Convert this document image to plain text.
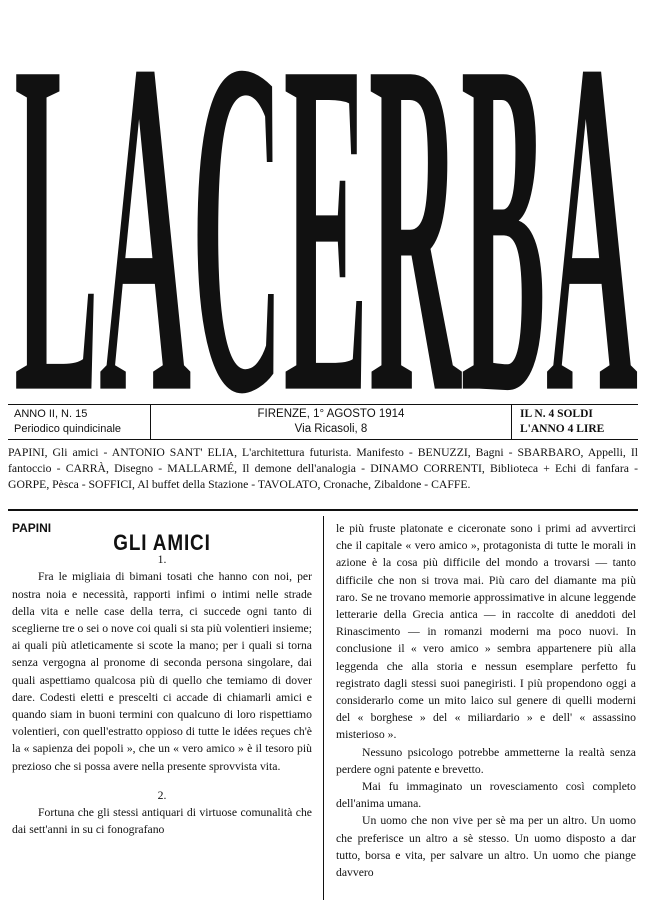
LACERBA
ANNO II, N. 15
Periodico quindicinale
FIRENZE, 1° AGOSTO 1914
Via Ricasoli, 8
IL N. 4 SOLDI
L'ANNO 4 LIRE
PAPINI, Gli amici - ANTONIO SANT' ELIA, L'architettura futurista. Manifesto - BENUZZI, Bagni - SBARBARO, Appelli, Il fantoccio - CARRÀ, Disegno - MALLARMÉ, Il demone dell'analogia - DINAMO CORRENTI, Biblioteca + Echi di fanfara - GORPE, Pèsca - SOFFICI, Al buffet della Stazione - TAVOLATO, Cronache, Zibaldone - CAFFE.

PAPINI

GLI AMICI

1.

Fra le migliaia di bimani tosati che hanno con noi, per nostra noia e necessità, rapporti infimi o intimi nelle strade della vita e nelle case della terra, ci succede ogni tanto di sceglierne tre o sei o nove coi quali si sta più volentieri insieme; ai quali più atleticamente si scote la mano; per i quali si torna senza vergogna al pronome di seconda persona singolare, dai quali aspettiamo qualcosa più di quello che temiamo di dover dare. Codesti eletti e prescelti ci accade di chiamarli amici e quando siam in buoni termini con qualcuno di loro rispettiamo volentieri, con quell'estratto oppioso di tutte le idées reçues ch'è la « sapienza dei popoli », che un « vero amico » è il tesoro più prezioso che si possa avere nella presente sprovvista vita.

2.

Fortuna che gli stessi antiquari di virtuose comunalità che dai sett'anni in su ci fonografano

le più fruste platonate e ciceronate sono i primi ad avvertirci che il capitale « vero amico », protagonista di tutte le morali in azione è la cosa più difficile del mondo a trovarsi — tanto difficile che non si trova mai. Più caro del diamante ma più raro. Se ne trovano memorie approssimative in alcune leggende letterarie della Grecia antica — in raccolte di aneddoti del Rinascimento — in romanzi moderni ma poco nuovi. In conclusione il « vero amico » sembra appartenere più alla leggenda che alla storia e nessun esemplare perfetto fu registrato dagli stessi suoi panegiristi. I più propendono oggi a considerarlo come un mito laico sul genere di quelli moderni del « borghese » del « miliardario » e dell' « assassino misterioso ».

Nessuno psicologo potrebbe ammetterne la realtà senza perdere ogni patente e brevetto.

Mai fu immaginato un rovesciamento così completo dell'anima umana.

Un uomo che non vive per sè ma per un altro. Un uomo che preferisce un altro a sè stesso. Un uomo disposto a dar tutto, borsa e vita, per salvare un altro. Un uomo che piange davvero
